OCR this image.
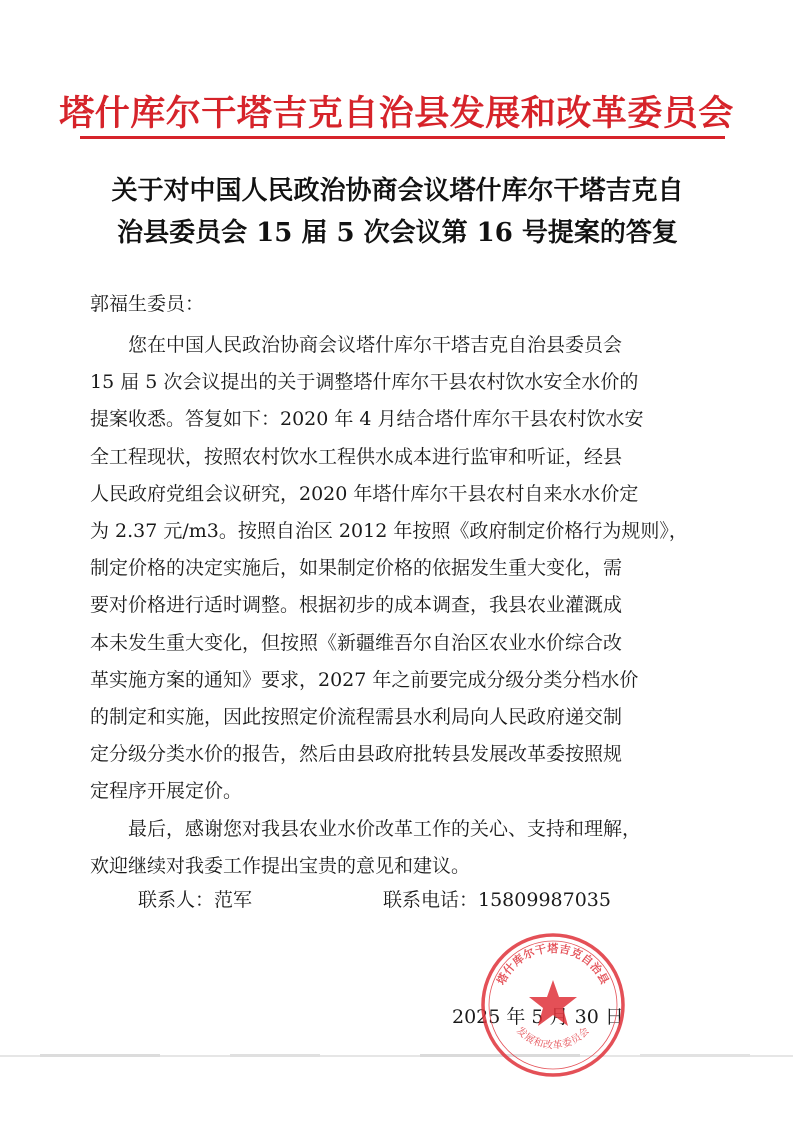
塔什库尔干塔吉克自治县发展和改革委员会
关于对中国人民政治协商会议塔什库尔干塔吉克自
治县委员会 15 届 5 次会议第 16 号提案的答复
郭福生委员：
您在中国人民政治协商会议塔什库尔干塔吉克自治县委员会
15 届 5 次会议提出的关于调整塔什库尔干县农村饮水安全水价的
提案收悉。答复如下：2020 年 4 月结合塔什库尔干县农村饮水安
全工程现状，按照农村饮水工程供水成本进行监审和听证，经县
人民政府党组会议研究，2020 年塔什库尔干县农村自来水水价定
为 2.37 元/m3。按照自治区 2012 年按照《政府制定价格行为规则》，
制定价格的决定实施后，如果制定价格的依据发生重大变化，需
要对价格进行适时调整。根据初步的成本调查，我县农业灌溉成
本未发生重大变化，但按照《新疆维吾尔自治区农业水价综合改
革实施方案的通知》要求，2027 年之前要完成分级分类分档水价
的制定和实施，因此按照定价流程需县水利局向人民政府递交制
定分级分类水价的报告，然后由县政府批转县发展改革委按照规
定程序开展定价。
最后，感谢您对我县农业水价改革工作的关心、支持和理解，
欢迎继续对我委工作提出宝贵的意见和建议。
联系人：范军	联系电话：15809987035
2025 年 5 月 30 日
塔什库尔干塔吉克自治县
发展和改革委员会
